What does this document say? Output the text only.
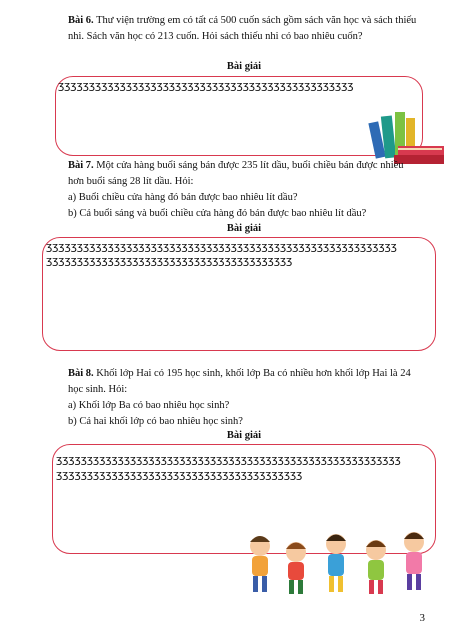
Bài 6. Thư viện trường em có tất cả 500 cuốn sách gồm sách văn học và sách thiếu
nhi. Sách văn học có 213 cuốn. Hỏi sách thiếu nhi có bao nhiêu cuốn?
Bài giải
ʒʒʒʒʒʒʒʒʒʒʒʒʒʒʒʒʒʒʒʒʒʒʒʒʒʒʒʒʒʒʒʒʒʒʒʒʒʒʒʒʒʒʒʒʒʒʒʒ
Bài 7. Một cửa hàng buổi sáng bán được 235 lít dầu, buổi chiều bán được nhiều
hơn buổi sáng 28 lít dầu. Hỏi:
a) Buổi chiều cửa hàng đó bán được bao nhiêu lít dầu?
b) Cả buổi sáng và buổi chiều cửa hàng đó bán được bao nhiêu lít dầu?
Bài giải
ʒʒʒʒʒʒʒʒʒʒʒʒʒʒʒʒʒʒʒʒʒʒʒʒʒʒʒʒʒʒʒʒʒʒʒʒʒʒʒʒʒʒʒʒʒʒʒʒʒʒʒʒʒʒʒʒʒ
ʒʒʒʒʒʒʒʒʒʒʒʒʒʒʒʒʒʒʒʒʒʒʒʒʒʒʒʒʒʒʒʒʒʒʒʒʒʒʒʒ
Bài 8. Khối lớp Hai có 195 học sinh, khối lớp Ba có nhiều hơn khối lớp Hai là 24
học sinh. Hỏi:
a) Khối lớp Ba có bao nhiêu học sinh?
b) Cả hai khối lớp có bao nhiêu học sinh?
Bài giải
ʒʒʒʒʒʒʒʒʒʒʒʒʒʒʒʒʒʒʒʒʒʒʒʒʒʒʒʒʒʒʒʒʒʒʒʒʒʒʒʒʒʒʒʒʒʒʒʒʒʒʒʒʒʒʒʒ
ʒʒʒʒʒʒʒʒʒʒʒʒʒʒʒʒʒʒʒʒʒʒʒʒʒʒʒʒʒʒʒʒʒʒʒʒʒʒʒʒ
3
